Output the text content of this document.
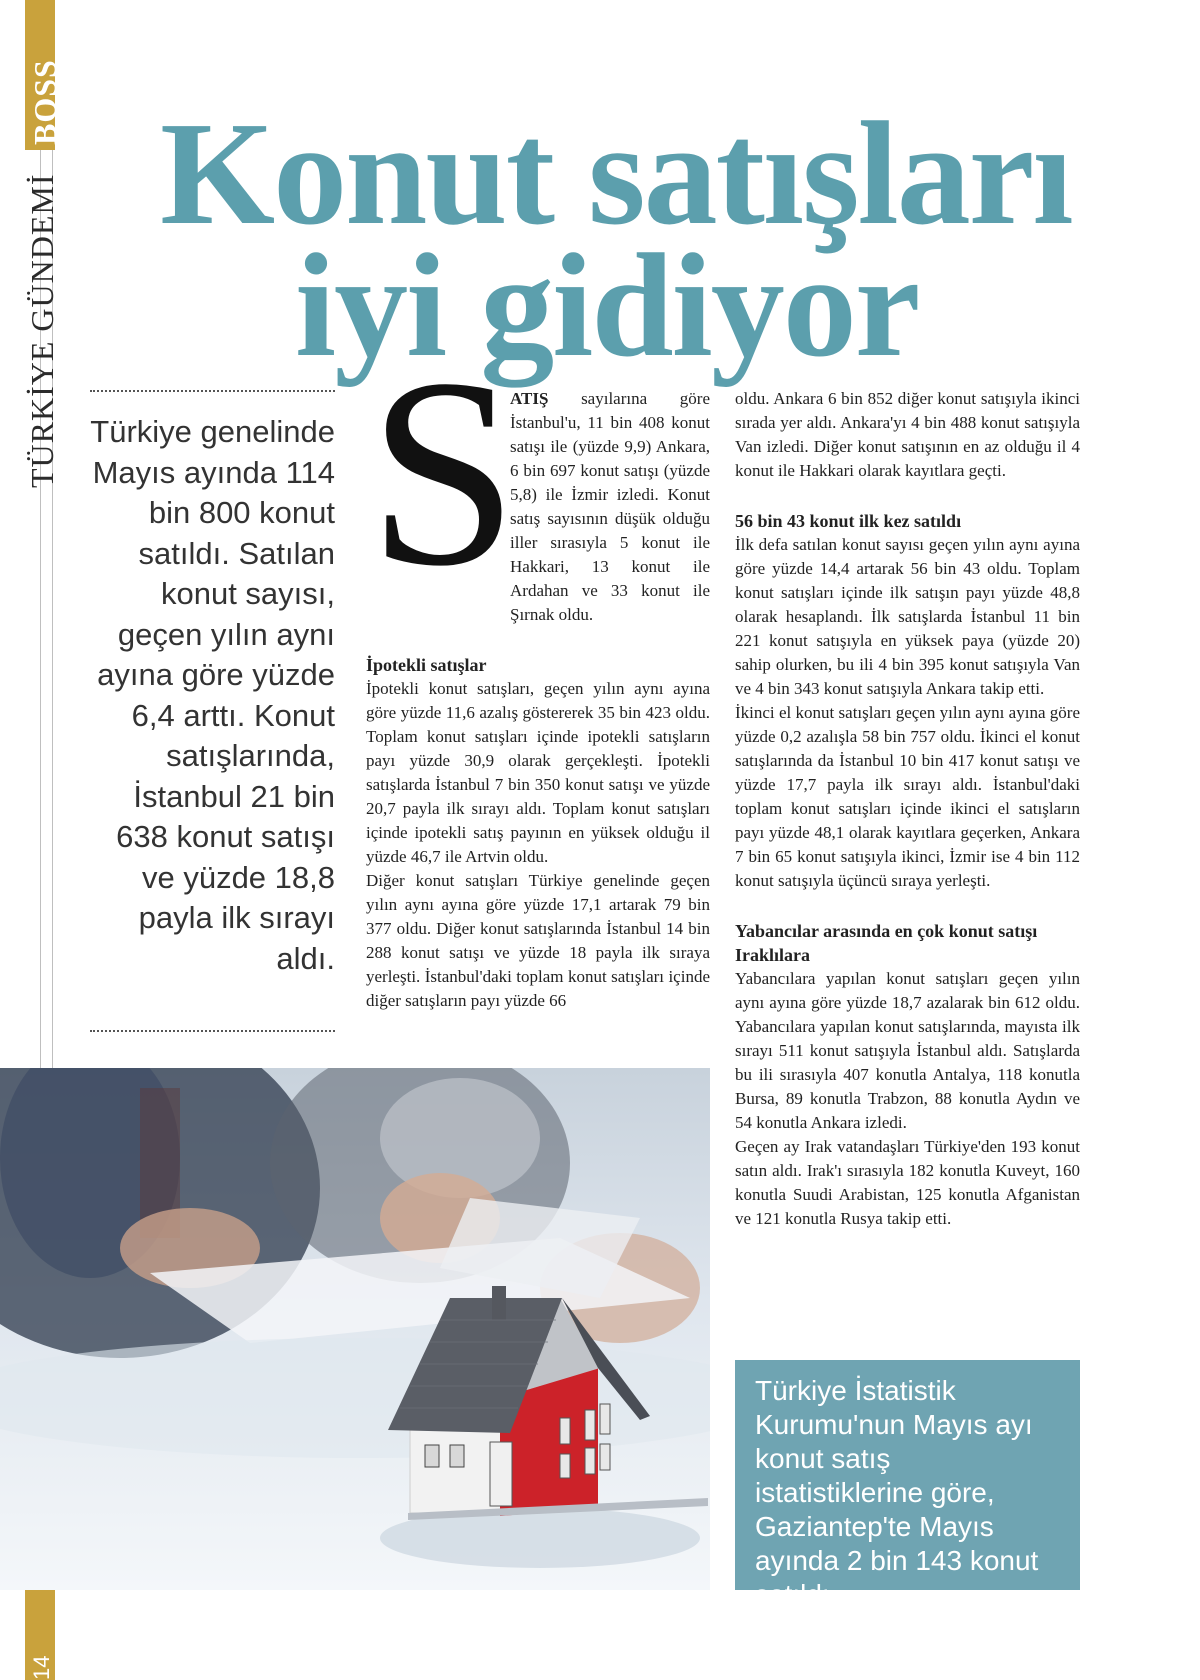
BOSS
TÜRKİYE GÜNDEMİ
14
Konut satışları
iyi gidiyor
Türkiye genelinde Mayıs ayında 114 bin 800 konut satıldı. Satılan konut sayısı, geçen yılın aynı ayına göre yüzde 6,4 arttı. Konut satışlarında, İstanbul 21 bin 638 konut satışı ve yüzde 18,8 payla ilk sırayı aldı.
S

ATIŞ sayılarına göre İstanbul'u, 11 bin 408 konut satışı ile (yüzde 9,9) Ankara, 6 bin 697 konut satışı (yüzde 5,8) ile İzmir izledi. Konut satış sayısının düşük olduğu iller sırasıyla 5 konut ile Hakkari, 13 konut ile Ardahan ve 33 konut ile Şırnak oldu.

İpotekli satışlar

İpotekli konut satışları, geçen yılın aynı ayına göre yüzde 11,6 azalış göstererek 35 bin 423 oldu. Toplam konut satışları içinde ipotekli satışların payı yüzde 30,9 olarak gerçekleşti. İpotekli satışlarda İstanbul 7 bin 350 konut satışı ve yüzde 20,7 payla ilk sırayı aldı. Toplam konut satışları içinde ipotekli satış payının en yüksek olduğu il yüzde 46,7 ile Artvin oldu.

Diğer konut satışları Türkiye genelinde geçen yılın aynı ayına göre yüzde 17,1 artarak 79 bin 377 oldu. Diğer konut satışlarında İstanbul 14 bin 288 konut satışı ve yüzde 18 payla ilk sıraya yerleşti. İstanbul'daki toplam konut satışları içinde diğer satışların payı yüzde 66

oldu. Ankara 6 bin 852 diğer konut satışıyla ikinci sırada yer aldı. Ankara'yı 4 bin 488 konut satışıyla Van izledi. Diğer konut satışının en az olduğu il 4 konut ile Hakkari olarak kayıtlara geçti.

56 bin 43 konut ilk kez satıldı

İlk defa satılan konut sayısı geçen yılın aynı ayına göre yüzde 14,4 artarak 56 bin 43 oldu. Toplam konut satışları içinde ilk satışın payı yüzde 48,8 olarak hesaplandı. İlk satışlarda İstanbul 11 bin 221 konut satışıyla en yüksek paya (yüzde 20) sahip olurken, bu ili 4 bin 395 konut satışıyla Van ve 4 bin 343 konut satışıyla Ankara takip etti.

İkinci el konut satışları geçen yılın aynı ayına göre yüzde 0,2 azalışla 58 bin 757 oldu. İkinci el konut satışlarında da İstanbul 10 bin 417 konut satışı ve yüzde 17,7 payla ilk sırayı aldı. İstanbul'daki toplam konut satışları içinde ikinci el satışların payı yüzde 48,1 olarak kayıtlara geçerken, Ankara 7 bin 65 konut satışıyla ikinci, İzmir ise 4 bin 112 konut satışıyla üçüncü sıraya yerleşti.

Yabancılar arasında en çok konut satışı Iraklılara

Yabancılara yapılan konut satışları geçen yılın aynı ayına göre yüzde 18,7 azalarak bin 612 oldu. Yabancılara yapılan konut satışlarında, mayısta ilk sırayı 511 konut satışıyla İstanbul aldı. Satışlarda bu ili sırasıyla 407 konutla Antalya, 118 konutla Bursa, 89 konutla Trabzon, 88 konutla Aydın ve 54 konutla Ankara izledi.

Geçen ay Irak vatandaşları Türkiye'den 193 konut satın aldı. Irak'ı sırasıyla 182 konutla Kuveyt, 160 konutla Suudi Arabistan, 125 konutla Afganistan ve 121 konutla Rusya takip etti.

Türkiye İstatistik Kurumu'nun Mayıs ayı konut satış istatistiklerine göre, Gaziantep'te Mayıs ayında 2 bin 143 konut satıldı.
